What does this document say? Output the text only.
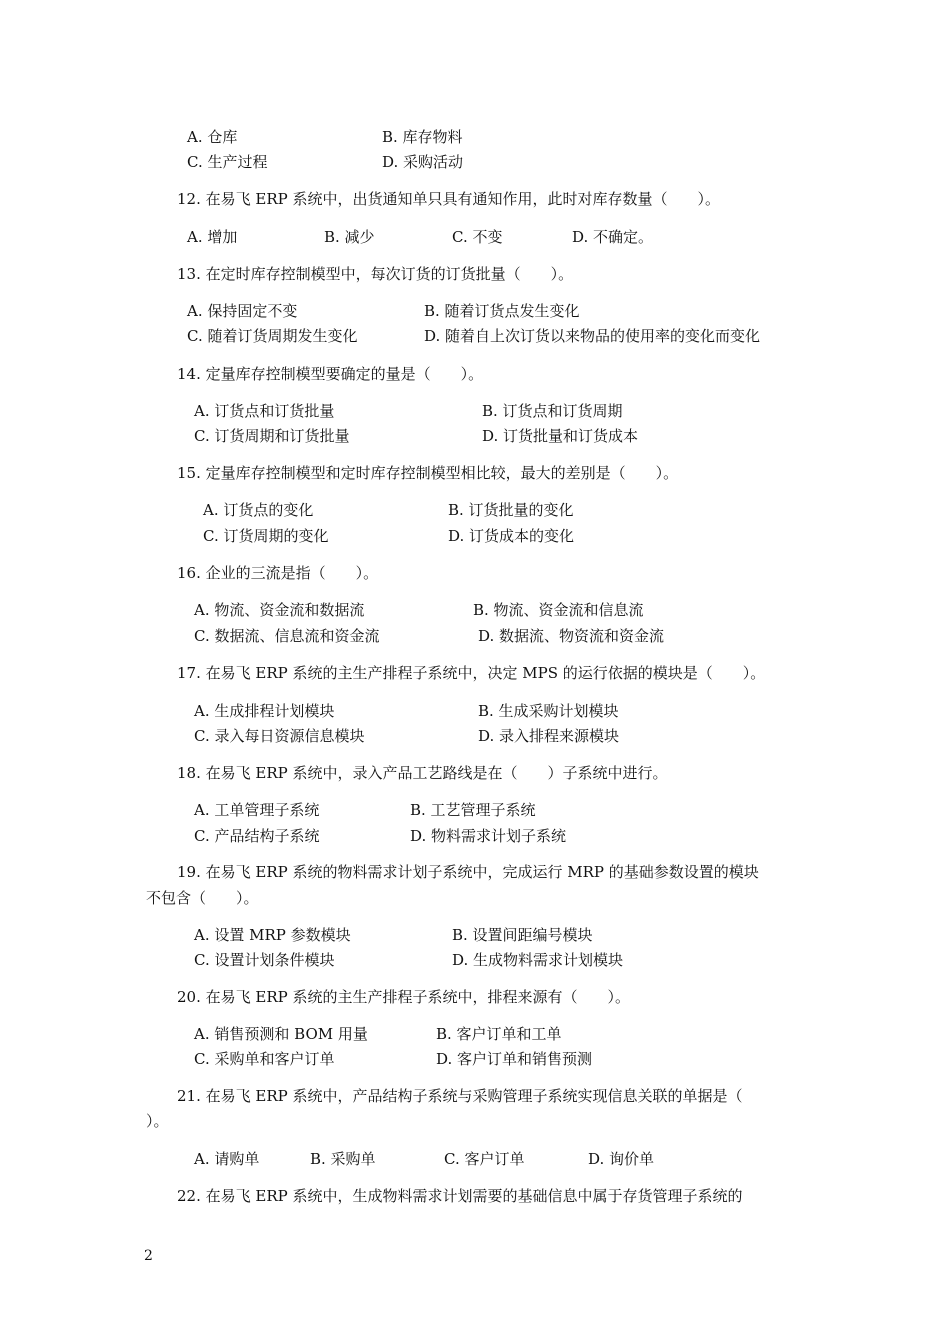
A. 仓库	B. 库存物料
C. 生产过程	D. 采购活动
12. 在易飞 ERP 系统中，出货通知单只具有通知作用，此时对库存数量（　　）。
A. 增加	B. 减少	C. 不变	D. 不确定。
13. 在定时库存控制模型中，每次订货的订货批量（　　）。
A. 保持固定不变	B. 随着订货点发生变化
C. 随着订货周期发生变化	D. 随着自上次订货以来物品的使用率的变化而变化
14. 定量库存控制模型要确定的量是（　　）。
A. 订货点和订货批量	B. 订货点和订货周期
C. 订货周期和订货批量	D. 订货批量和订货成本
15. 定量库存控制模型和定时库存控制模型相比较，最大的差别是（　　）。
A. 订货点的变化	B. 订货批量的变化
C. 订货周期的变化	D. 订货成本的变化
16. 企业的三流是指（　　）。
A. 物流、资金流和数据流	B. 物流、资金流和信息流
C. 数据流、信息流和资金流	D. 数据流、物资流和资金流
17. 在易飞 ERP 系统的主生产排程子系统中，决定 MPS 的运行依据的模块是（　　）。
A. 生成排程计划模块	B. 生成采购计划模块
C. 录入每日资源信息模块	D. 录入排程来源模块
18. 在易飞 ERP 系统中，录入产品工艺路线是在（　　）子系统中进行。
A. 工单管理子系统	B. 工艺管理子系统
C. 产品结构子系统	D. 物料需求计划子系统
19. 在易飞 ERP 系统的物料需求计划子系统中，完成运行 MRP 的基础参数设置的模块
不包含（　　）。
A. 设置 MRP 参数模块	B. 设置间距编号模块
C. 设置计划条件模块	D. 生成物料需求计划模块
20. 在易飞 ERP 系统的主生产排程子系统中，排程来源有（　　）。
A. 销售预测和 BOM 用量	B. 客户订单和工单
C. 采购单和客户订单	D. 客户订单和销售预测
21. 在易飞 ERP 系统中，产品结构子系统与采购管理子系统实现信息关联的单据是（
）。
A. 请购单	B. 采购单	C. 客户订单	D. 询价单
22. 在易飞 ERP 系统中，生成物料需求计划需要的基础信息中属于存货管理子系统的
2
